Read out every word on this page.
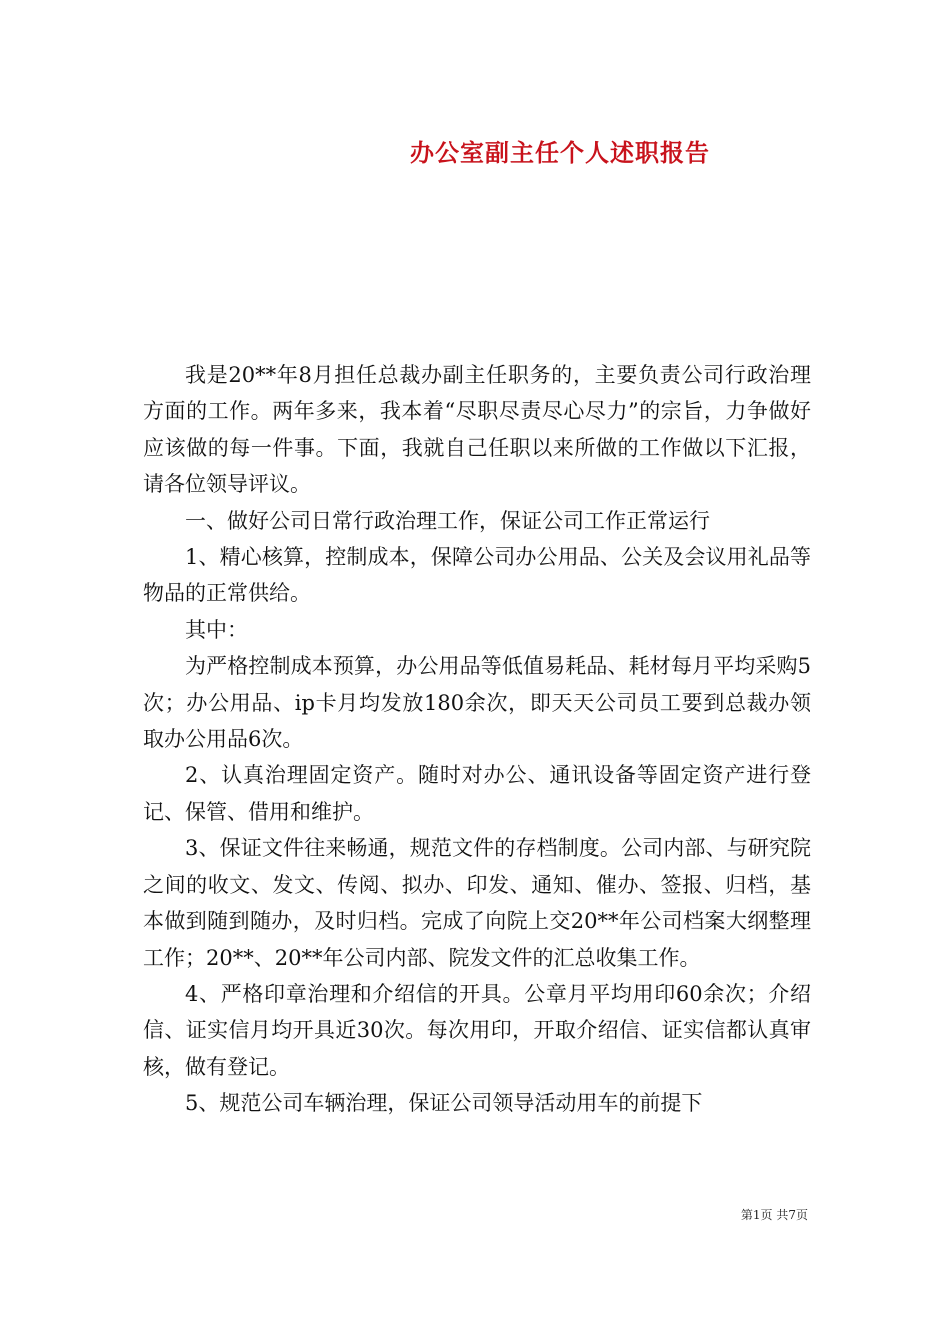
办公室副主任个人述职报告

我是20**年8月担任总裁办副主任职务的，主要负责公司行政治理方面的工作。两年多来，我本着“尽职尽责尽心尽力”的宗旨，力争做好应该做的每一件事。下面，我就自己任职以来所做的工作做以下汇报，请各位领导评议。

一、做好公司日常行政治理工作，保证公司工作正常运行

1、精心核算，控制成本，保障公司办公用品、公关及会议用礼品等物品的正常供给。

其中：

为严格控制成本预算，办公用品等低值易耗品、耗材每月平均采购5次；办公用品、ip卡月均发放180余次，即天天公司员工要到总裁办领取办公用品6次。

2、认真治理固定资产。随时对办公、通讯设备等固定资产进行登记、保管、借用和维护。

3、保证文件往来畅通，规范文件的存档制度。公司内部、与研究院之间的收文、发文、传阅、拟办、印发、通知、催办、签报、归档，基本做到随到随办，及时归档。完成了向院上交20**年公司档案大纲整理工作；20**、20**年公司内部、院发文件的汇总收集工作。

4、严格印章治理和介绍信的开具。公章月平均用印60余次；介绍信、证实信月均开具近30次。每次用印，开取介绍信、证实信都认真审核，做有登记。

5、规范公司车辆治理，保证公司领导活动用车的前提下

第1页 共7页
